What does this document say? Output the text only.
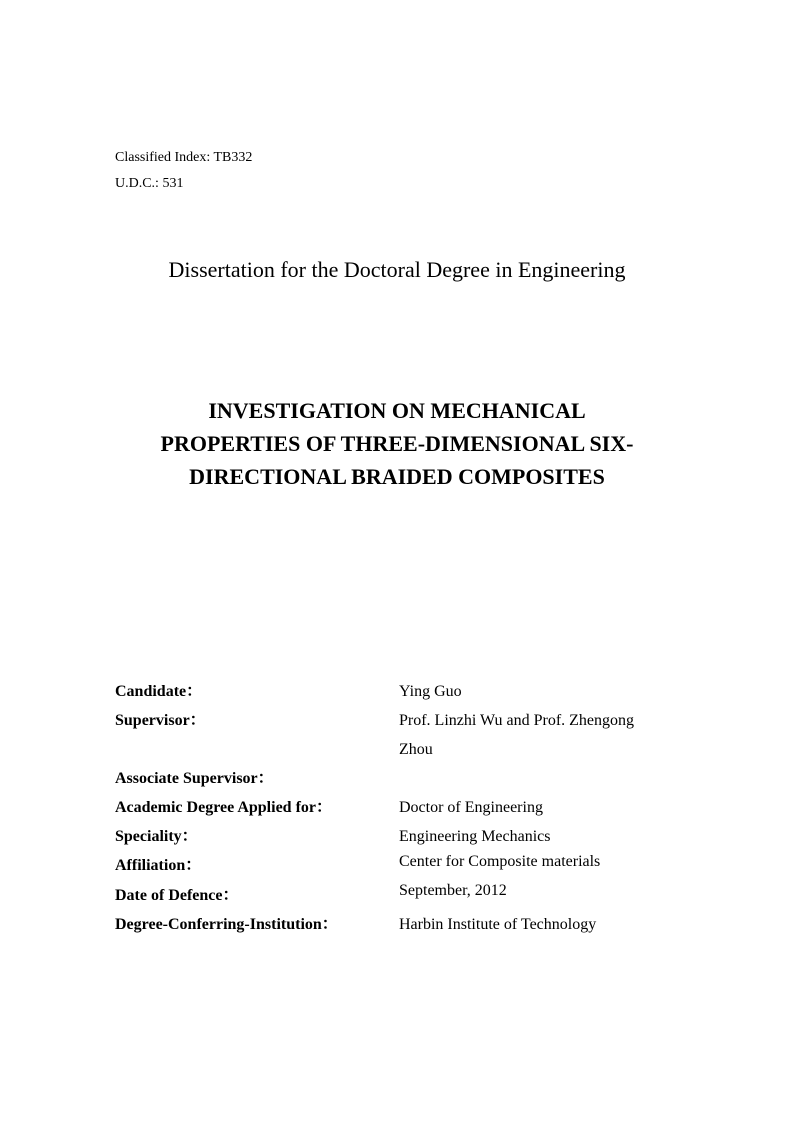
Classified Index: TB332
U.D.C.: 531
Dissertation for the Doctoral Degree in Engineering
INVESTIGATION ON MECHANICAL
PROPERTIES OF THREE-DIMENSIONAL SIX-
DIRECTIONAL BRAIDED COMPOSITES
Candidate：	Ying Guo
Supervisor：	Prof. Linzhi Wu and Prof. Zhengong
Zhou
Associate Supervisor：
Academic Degree Applied for：	Doctor of Engineering
Speciality：	Engineering Mechanics
Affiliation：	Center for Composite materials
Date of Defence：	September, 2012
Degree-Conferring-Institution：	Harbin Institute of Technology
